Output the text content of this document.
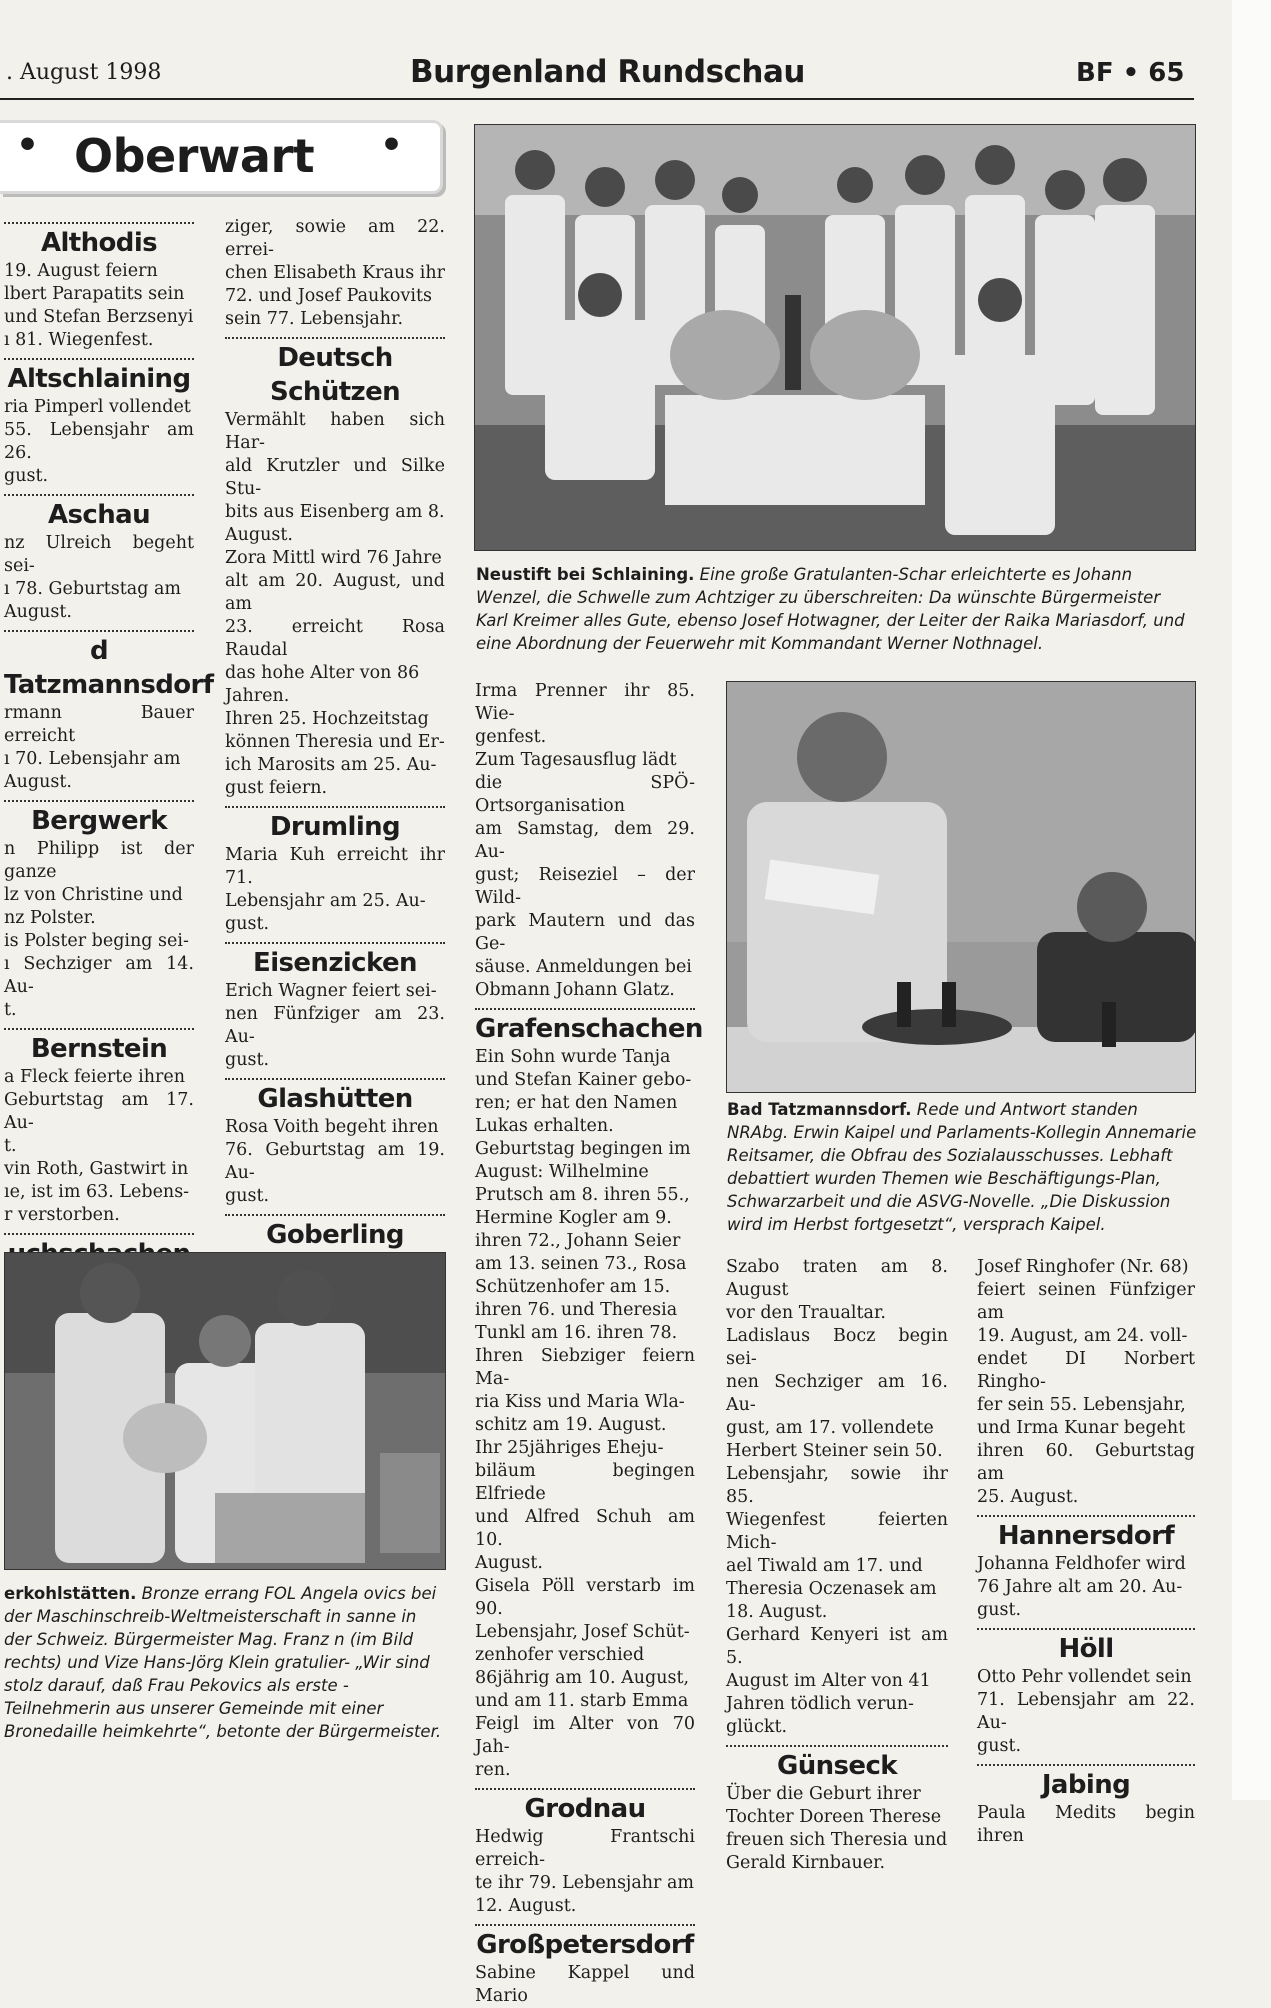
. August 1998	Burgenland Rundschau	BF • 65
• Oberwart •
Althodis

19. August feiern
lbert Parapatits sein
und Stefan Berzsenyi
ı 81. Wiegenfest.

Altschlaining

ria Pimperl vollendet
55. Lebensjahr am 26.
gust.

Aschau

nz Ulreich begeht sei-
ı 78. Geburtstag am
August.

d Tatzmannsdorf

rmann Bauer erreicht
ı 70. Lebensjahr am
August.

Bergwerk

n Philipp ist der ganze
lz von Christine und
nz Polster.
is Polster beging sei-
ı Sechziger am 14. Au-
t.

Bernstein

a Fleck feierte ihren
Geburtstag am 17. Au-
t.
vin Roth, Gastwirt in
ıe, ist im 63. Lebens-
r verstorben.

ziger, sowie am 22. errei-
chen Elisabeth Kraus ihr
72. und Josef Paukovits
sein 77. Lebensjahr.

Deutsch Schützen

Vermählt haben sich Har-
ald Krutzler und Silke Stu-
bits aus Eisenberg am 8.
August.
Zora Mittl wird 76 Jahre
alt am 20. August, und am
23. erreicht Rosa Raudal
das hohe Alter von 86
Jahren.
Ihren 25. Hochzeitstag
können Theresia und Er-
ich Marosits am 25. Au-
gust feiern.

Drumling

Maria Kuh erreicht ihr 71.
Lebensjahr am 25. Au-
gust.

Eisenzicken

Erich Wagner feiert sei-
nen Fünfziger am 23. Au-
gust.

Glashütten

Rosa Voith begeht ihren
76. Geburtstag am 19. Au-
gust.

Goberling

Irma Prenner ihr 85. Wie-
genfest.
Zum Tagesausflug lädt
die SPÖ-Ortsorganisation
am Samstag, dem 29. Au-
gust; Reiseziel – der Wild-
park Mautern und das Ge-
säuse. Anmeldungen bei
Obmann Johann Glatz.

Grafenschachen

Ein Sohn wurde Tanja
und Stefan Kainer gebo-
ren; er hat den Namen
Lukas erhalten.
Geburtstag begingen im
August: Wilhelmine
Prutsch am 8. ihren 55.,
Hermine Kogler am 9.
ihren 72., Johann Seier
am 13. seinen 73., Rosa
Schützenhofer am 15.
ihren 76. und Theresia
Tunkl am 16. ihren 78.
Ihren Siebziger feiern Ma-
ria Kiss und Maria Wla-
schitz am 19. August.
Ihr 25jähriges Eheju-
biläum begingen Elfriede
und Alfred Schuh am 10.
August.
Gisela Pöll verstarb im 90.
Lebensjahr, Josef Schüt-
zenhofer verschied
86jährig am 10. August,
und am 11. starb Emma
Feigl im Alter von 70 Jah-
ren.

Grodnau

Hedwig Frantschi erreich-
te ihr 79. Lebensjahr am
12. August.

Großpetersdorf

Sabine Kappel und Mario

Szabo traten am 8. August
vor den Traualtar.
Ladislaus Bocz begin sei-
nen Sechziger am 16. Au-
gust, am 17. vollendete
Herbert Steiner sein 50.
Lebensjahr, sowie ihr 85.
Wiegenfest feierten Mich-
ael Tiwald am 17. und
Theresia Oczenasek am
18. August.
Gerhard Kenyeri ist am 5.
August im Alter von 41
Jahren tödlich verun-
glückt.

Günseck

Über die Geburt ihrer
Tochter Doreen Therese
freuen sich Theresia und
Gerald Kirnbauer.

Josef Ringhofer (Nr. 68)
feiert seinen Fünfziger am
19. August, am 24. voll-
endet DI Norbert Ringho-
fer sein 55. Lebensjahr,
und Irma Kunar begeht
ihren 60. Geburtstag am
25. August.

Hannersdorf

Johanna Feldhofer wird
76 Jahre alt am 20. Au-
gust.

Höll

Otto Pehr vollendet sein
71. Lebensjahr am 22. Au-
gust.

Jabing

Paula Medits begin ihren

Neustift bei Schlaining. Eine große Gratulanten-Schar erleichterte es Johann Wenzel, die Schwelle zum Achtziger zu überschreiten: Da wünschte Bürgermeister Karl Kreimer alles Gute, ebenso Josef Hotwagner, der Leiter der Raika Mariasdorf, und eine Abordnung der Feuerwehr mit Kommandant Werner Nothnagel.
Bad Tatzmannsdorf. Rede und Antwort standen NRAbg. Erwin Kaipel und Parlaments-Kollegin Annemarie Reitsamer, die Obfrau des Sozialausschusses. Lebhaft debattiert wurden Themen wie Beschäftigungs-Plan, Schwarzarbeit und die ASVG-Novelle. „Die Diskussion wird im Herbst fortgesetzt“, versprach Kaipel.
erkohlstätten. Bronze errang FOL Angela ovics bei der Maschinschreib-Weltmeisterschaft in sanne in der Schweiz. Bürgermeister Mag. Franz n (im Bild rechts) und Vize Hans-Jörg Klein gratulier- „Wir sind stolz darauf, daß Frau Pekovics als erste -Teilnehmerin aus unserer Gemeinde mit einer Bronedaille heimkehrte“, betonte der Bürgermeister.
